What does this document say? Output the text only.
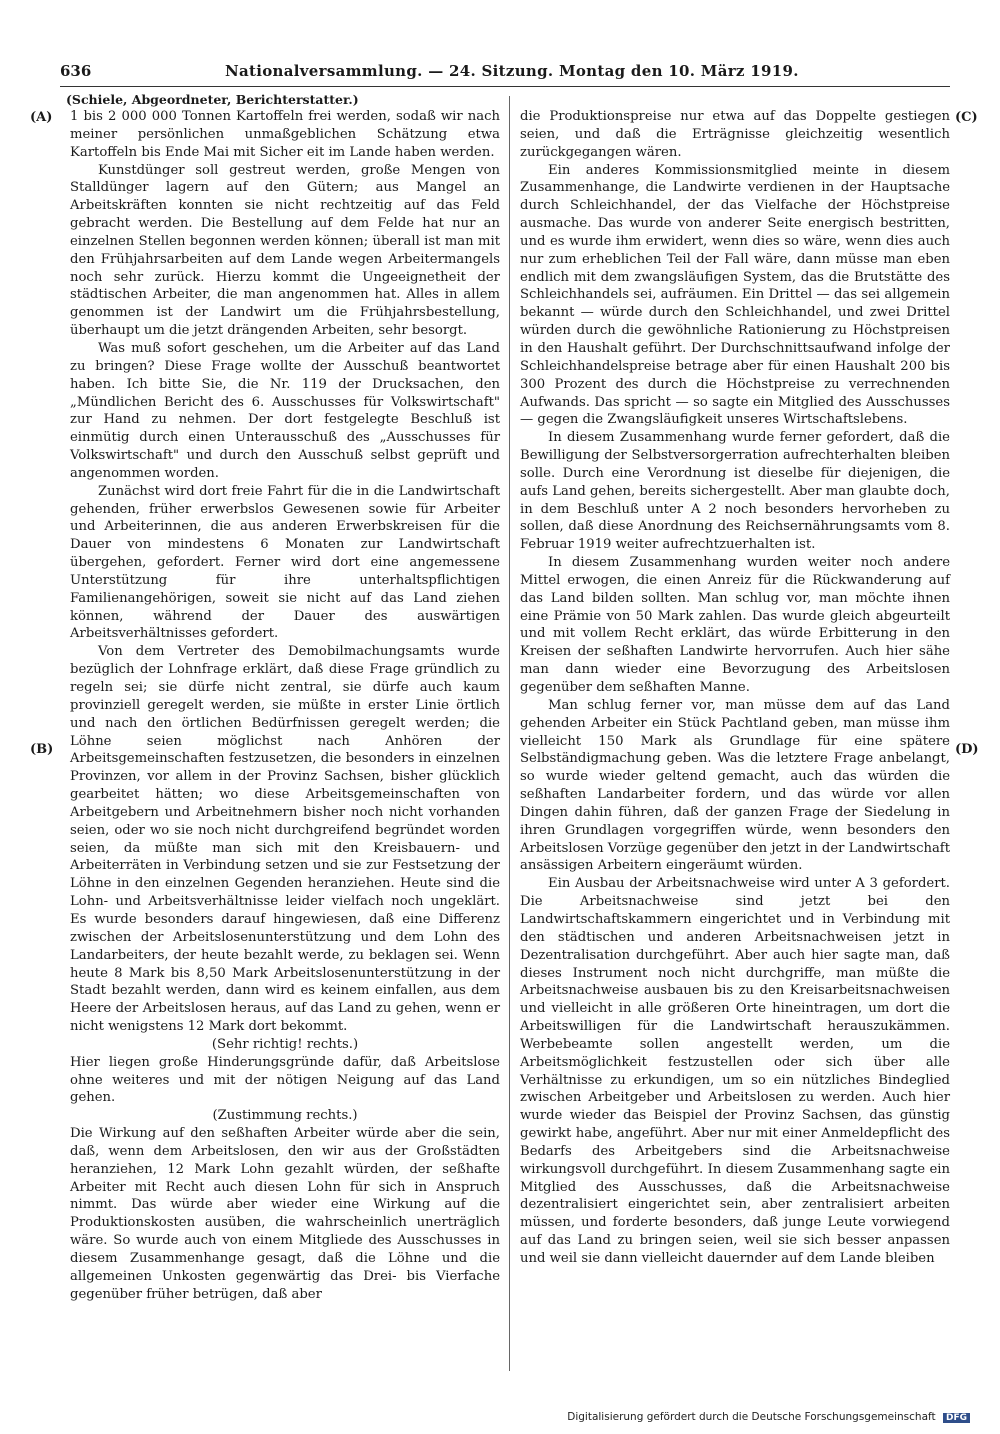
636	Nationalversammlung. — 24. Sitzung. Montag den 10. März 1919.
(Schiele, Abgeordneter, Berichterstatter.)
(A)
(B)
(C)
(D)

1 bis 2 000 000 Tonnen Kartoffeln frei werden, sodaß wir nach meiner persönlichen unmaßgeblichen Schätzung etwa Kartoffeln bis Ende Mai mit Sicher eit im Lande haben werden.

Kunstdünger soll gestreut werden, große Mengen von Stalldünger lagern auf den Gütern; aus Mangel an Arbeitskräften konnten sie nicht rechtzeitig auf das Feld gebracht werden. Die Bestellung auf dem Felde hat nur an einzelnen Stellen begonnen werden können; überall ist man mit den Frühjahrsarbeiten auf dem Lande wegen Arbeitermangels noch sehr zurück. Hierzu kommt die Ungeeignetheit der städtischen Arbeiter, die man angenommen hat. Alles in allem genommen ist der Landwirt um die Frühjahrsbestellung, überhaupt um die jetzt drängenden Arbeiten, sehr besorgt.

Was muß sofort geschehen, um die Arbeiter auf das Land zu bringen? Diese Frage wollte der Ausschuß beantwortet haben. Ich bitte Sie, die Nr. 119 der Drucksachen, den „Mündlichen Bericht des 6. Ausschusses für Volkswirtschaft" zur Hand zu nehmen. Der dort festgelegte Beschluß ist einmütig durch einen Unterausschuß des „Ausschusses für Volkswirtschaft" und durch den Ausschuß selbst geprüft und angenommen worden.

Zunächst wird dort freie Fahrt für die in die Landwirtschaft gehenden, früher erwerbslos Gewesenen sowie für Arbeiter und Arbeiterinnen, die aus anderen Erwerbskreisen für die Dauer von mindestens 6 Monaten zur Landwirtschaft übergehen, gefordert. Ferner wird dort eine angemessene Unterstützung für ihre unterhaltspflichtigen Familienangehörigen, soweit sie nicht auf das Land ziehen können, während der Dauer des auswärtigen Arbeitsverhältnisses gefordert.

Von dem Vertreter des Demobilmachungsamts wurde bezüglich der Lohnfrage erklärt, daß diese Frage gründlich zu regeln sei; sie dürfe nicht zentral, sie dürfe auch kaum provinziell geregelt werden, sie müßte in erster Linie örtlich und nach den örtlichen Bedürfnissen geregelt werden; die Löhne seien möglichst nach Anhören der Arbeitsgemeinschaften festzusetzen, die besonders in einzelnen Provinzen, vor allem in der Provinz Sachsen, bisher glücklich gearbeitet hätten; wo diese Arbeitsgemeinschaften von Arbeitgebern und Arbeitnehmern bisher noch nicht vorhanden seien, oder wo sie noch nicht durchgreifend begründet worden seien, da müßte man sich mit den Kreisbauern- und Arbeiterräten in Verbindung setzen und sie zur Festsetzung der Löhne in den einzelnen Gegenden heranziehen. Heute sind die Lohn- und Arbeitsverhältnisse leider vielfach noch ungeklärt. Es wurde besonders darauf hingewiesen, daß eine Differenz zwischen der Arbeitslosenunterstützung und dem Lohn des Landarbeiters, der heute bezahlt werde, zu beklagen sei. Wenn heute 8 Mark bis 8,50 Mark Arbeitslosenunterstützung in der Stadt bezahlt werden, dann wird es keinem einfallen, aus dem Heere der Arbeitslosen heraus, auf das Land zu gehen, wenn er nicht wenigstens 12 Mark dort bekommt.

(Sehr richtig! rechts.)

Hier liegen große Hinderungsgründe dafür, daß Arbeitslose ohne weiteres und mit der nötigen Neigung auf das Land gehen.

(Zustimmung rechts.)

Die Wirkung auf den seßhaften Arbeiter würde aber die sein, daß, wenn dem Arbeitslosen, den wir aus der Großstädten heranziehen, 12 Mark Lohn gezahlt würden, der seßhafte Arbeiter mit Recht auch diesen Lohn für sich in Anspruch nimmt. Das würde aber wieder eine Wirkung auf die Produktionskosten ausüben, die wahrscheinlich unerträglich wäre. So wurde auch von einem Mitgliede des Ausschusses in diesem Zusammenhange gesagt, daß die Löhne und die allgemeinen Unkosten gegenwärtig das Drei- bis Vierfache gegenüber früher betrügen, daß aber

die Produktionspreise nur etwa auf das Doppelte gestiegen seien, und daß die Erträgnisse gleichzeitig wesentlich zurückgegangen wären.

Ein anderes Kommissionsmitglied meinte in diesem Zusammenhange, die Landwirte verdienen in der Hauptsache durch Schleichhandel, der das Vielfache der Höchstpreise ausmache. Das wurde von anderer Seite energisch bestritten, und es wurde ihm erwidert, wenn dies so wäre, wenn dies auch nur zum erheblichen Teil der Fall wäre, dann müsse man eben endlich mit dem zwangsläufigen System, das die Brutstätte des Schleichhandels sei, aufräumen. Ein Drittel — das sei allgemein bekannt — würde durch den Schleichhandel, und zwei Drittel würden durch die gewöhnliche Rationierung zu Höchstpreisen in den Haushalt geführt. Der Durchschnittsaufwand infolge der Schleichhandelspreise betrage aber für einen Haushalt 200 bis 300 Prozent des durch die Höchstpreise zu verrechnenden Aufwands. Das spricht — so sagte ein Mitglied des Ausschusses — gegen die Zwangsläufigkeit unseres Wirtschaftslebens.

In diesem Zusammenhang wurde ferner gefordert, daß die Bewilligung der Selbstversorgerration aufrechterhalten bleiben solle. Durch eine Verordnung ist dieselbe für diejenigen, die aufs Land gehen, bereits sichergestellt. Aber man glaubte doch, in dem Beschluß unter A 2 noch besonders hervorheben zu sollen, daß diese Anordnung des Reichsernährungsamts vom 8. Februar 1919 weiter aufrechtzuerhalten ist.

In diesem Zusammenhang wurden weiter noch andere Mittel erwogen, die einen Anreiz für die Rückwanderung auf das Land bilden sollten. Man schlug vor, man möchte ihnen eine Prämie von 50 Mark zahlen. Das wurde gleich abgeurteilt und mit vollem Recht erklärt, das würde Erbitterung in den Kreisen der seßhaften Landwirte hervorrufen. Auch hier sähe man dann wieder eine Bevorzugung des Arbeitslosen gegenüber dem seßhaften Manne.

Man schlug ferner vor, man müsse dem auf das Land gehenden Arbeiter ein Stück Pachtland geben, man müsse ihm vielleicht 150 Mark als Grundlage für eine spätere Selbständigmachung geben. Was die letztere Frage anbelangt, so wurde wieder geltend gemacht, auch das würden die seßhaften Landarbeiter fordern, und das würde vor allen Dingen dahin führen, daß der ganzen Frage der Siedelung in ihren Grundlagen vorgegriffen würde, wenn besonders den Arbeitslosen Vorzüge gegenüber den jetzt in der Landwirtschaft ansässigen Arbeitern eingeräumt würden.

Ein Ausbau der Arbeitsnachweise wird unter A 3 gefordert. Die Arbeitsnachweise sind jetzt bei den Landwirtschaftskammern eingerichtet und in Verbindung mit den städtischen und anderen Arbeitsnachweisen jetzt in Dezentralisation durchgeführt. Aber auch hier sagte man, daß dieses Instrument noch nicht durchgriffe, man müßte die Arbeitsnachweise ausbauen bis zu den Kreisarbeitsnachweisen und vielleicht in alle größeren Orte hineintragen, um dort die Arbeitswilligen für die Landwirtschaft herauszukämmen. Werbebeamte sollen angestellt werden, um die Arbeitsmöglichkeit festzustellen oder sich über alle Verhältnisse zu erkundigen, um so ein nützliches Bindeglied zwischen Arbeitgeber und Arbeitslosen zu werden. Auch hier wurde wieder das Beispiel der Provinz Sachsen, das günstig gewirkt habe, angeführt. Aber nur mit einer Anmeldepflicht des Bedarfs des Arbeitgebers sind die Arbeitsnachweise wirkungsvoll durchgeführt. In diesem Zusammenhang sagte ein Mitglied des Ausschusses, daß die Arbeitsnachweise dezentralisiert eingerichtet sein, aber zentralisiert arbeiten müssen, und forderte besonders, daß junge Leute vorwiegend auf das Land zu bringen seien, weil sie sich besser anpassen und weil sie dann vielleicht dauernder auf dem Lande bleiben

Digitalisierung gefördert durch die Deutsche Forschungsgemeinschaft DFG
